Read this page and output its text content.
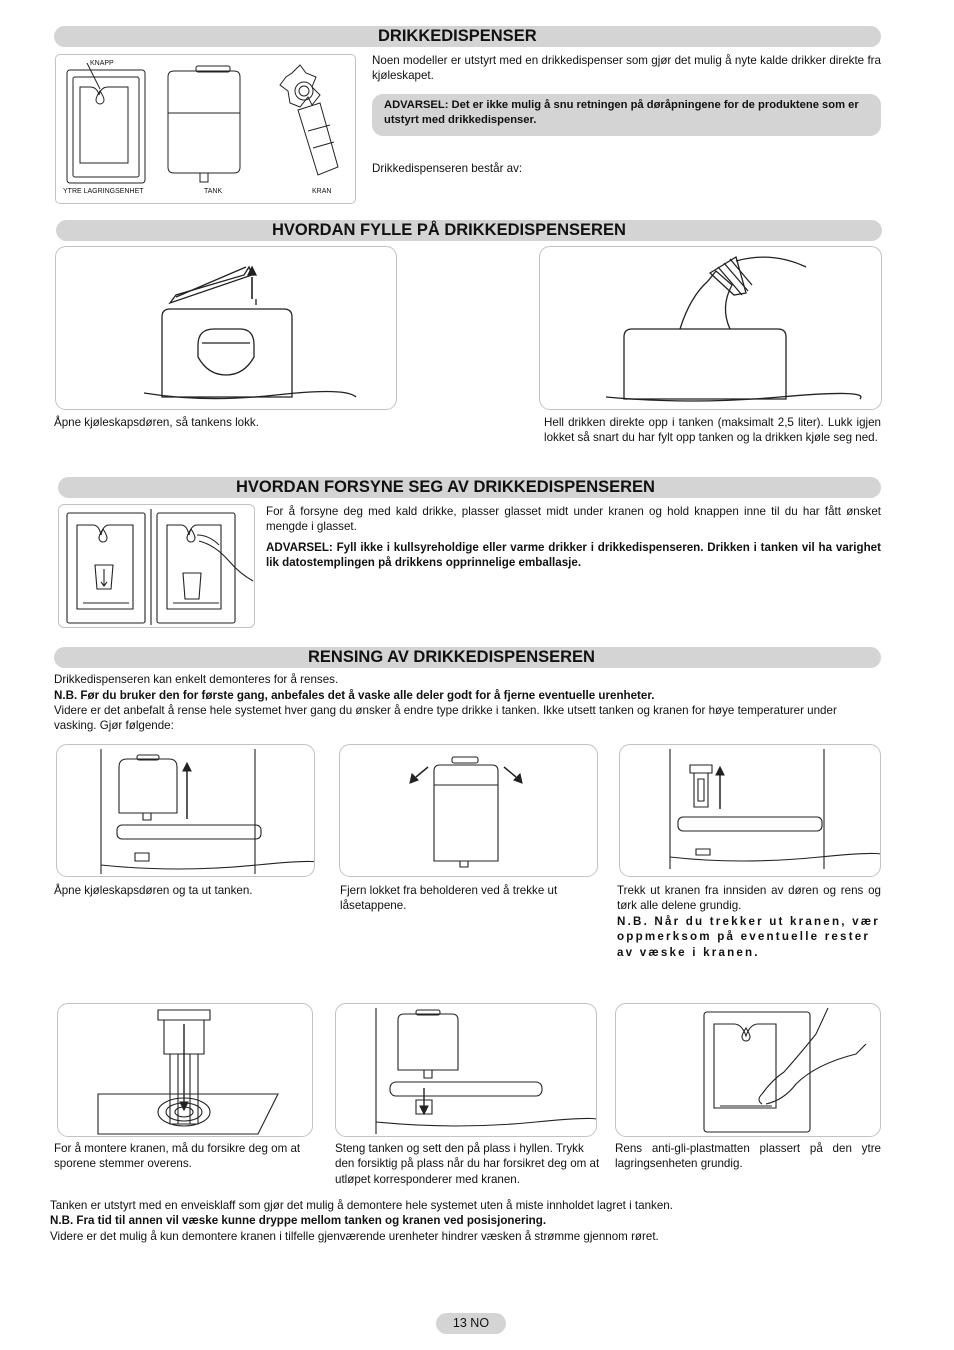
DRIKKEDISPENSER
KNAPP
YTRE LAGRINGSENHET	TANK	KRAN
Noen modeller er utstyrt med en drikkedispenser som gjør det mulig å nyte kalde drikker direkte fra kjøleskapet.
ADVARSEL: Det er ikke mulig å snu retningen på døråpningene for de produktene som er utstyrt med drikkedispenser.
Drikkedispenseren består av:
HVORDAN FYLLE PÅ DRIKKEDISPENSEREN
Åpne kjøleskapsdøren, så tankens lokk.	Hell drikken direkte opp i tanken (maksimalt 2,5 liter). Lukk igjen lokket så snart du har fylt opp tanken og la drikken kjøle seg ned.
HVORDAN FORSYNE SEG AV DRIKKEDISPENSEREN
For å forsyne deg med kald drikke, plasser glasset midt under kranen og hold knappen inne til du har fått ønsket mengde i glasset.
ADVARSEL: Fyll ikke i kullsyreholdige eller varme drikker i drikkedispenseren. Drikken i tanken vil ha varighet lik datostemplingen på drikkens opprinnelige emballasje.
RENSING AV DRIKKEDISPENSEREN
Drikkedispenseren kan enkelt demonteres for å renses.
N.B. Før du bruker den for første gang, anbefales det å vaske alle deler godt for å fjerne eventuelle urenheter.
Videre er det anbefalt å rense hele systemet hver gang du ønsker å endre type drikke i tanken. Ikke utsett tanken og kranen for høye temperaturer under vasking. Gjør følgende:
Åpne kjøleskapsdøren og ta ut tanken.	Fjern lokket fra beholderen ved å trekke ut låsetappene.
Trekk ut kranen fra innsiden av døren og rens og tørk alle delene grundig.
N.B. Når du trekker ut kranen, vær oppmerksom på eventuelle rester av væske i kranen.
For å montere kranen, må du forsikre deg om at sporene stemmer overens.
Steng tanken og sett den på plass i hyllen. Trykk den forsiktig på plass når du har forsikret deg om at utløpet korresponderer med kranen.
Rens anti-gli-plastmatten plassert på den ytre lagringsenheten grundig.
Tanken er utstyrt med en enveisklaff som gjør det mulig å demontere hele systemet uten å miste innholdet lagret i tanken.
N.B. Fra tid til annen vil væske kunne dryppe mellom tanken og kranen ved posisjonering.
Videre er det mulig å kun demontere kranen i tilfelle gjenværende urenheter hindrer væsken å strømme gjennom røret.
13 NO
